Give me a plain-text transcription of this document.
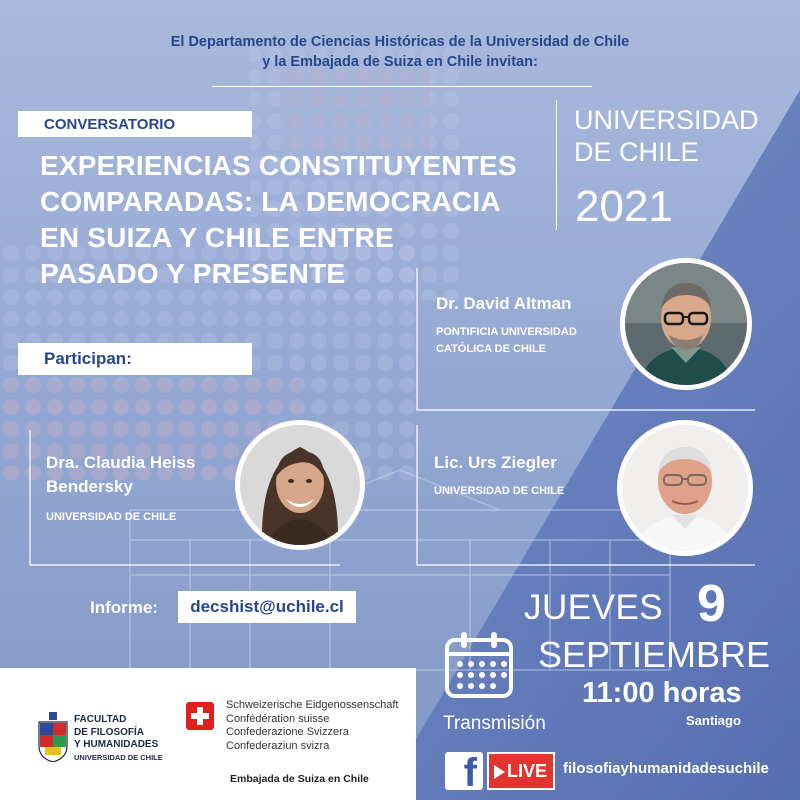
El Departamento de Ciencias Históricas de la Universidad de Chile
y la Embajada de Suiza en Chile invitan:
CONVERSATORIO
EXPERIENCIAS CONSTITUYENTES
COMPARADAS: LA DEMOCRACIA
EN SUIZA Y CHILE ENTRE
PASADO Y PRESENTE
UNIVERSIDAD
DE CHILE
2021
Participan:
Dr. David Altman
PONTIFICIA UNIVERSIDAD
CATÓLICA DE CHILE
Dra. Claudia Heiss
Bendersky
UNIVERSIDAD DE CHILE
Lic. Urs Ziegler
UNIVERSIDAD DE CHILE
Informe:	decshist@uchile.cl	JUEVES 9
SEPTIEMBRE
11:00 horas
Santiago
Transmisión
f LIVE filosofiayhumanidadesuchile
FACULTAD
DE FILOSOFÍA
Y HUMANIDADES
UNIVERSIDAD DE CHILE
Schweizerische Eidgenossenschaft
Confédération suisse
Confederazione Svizzera
Confederaziun svizra
Embajada de Suiza en Chile
